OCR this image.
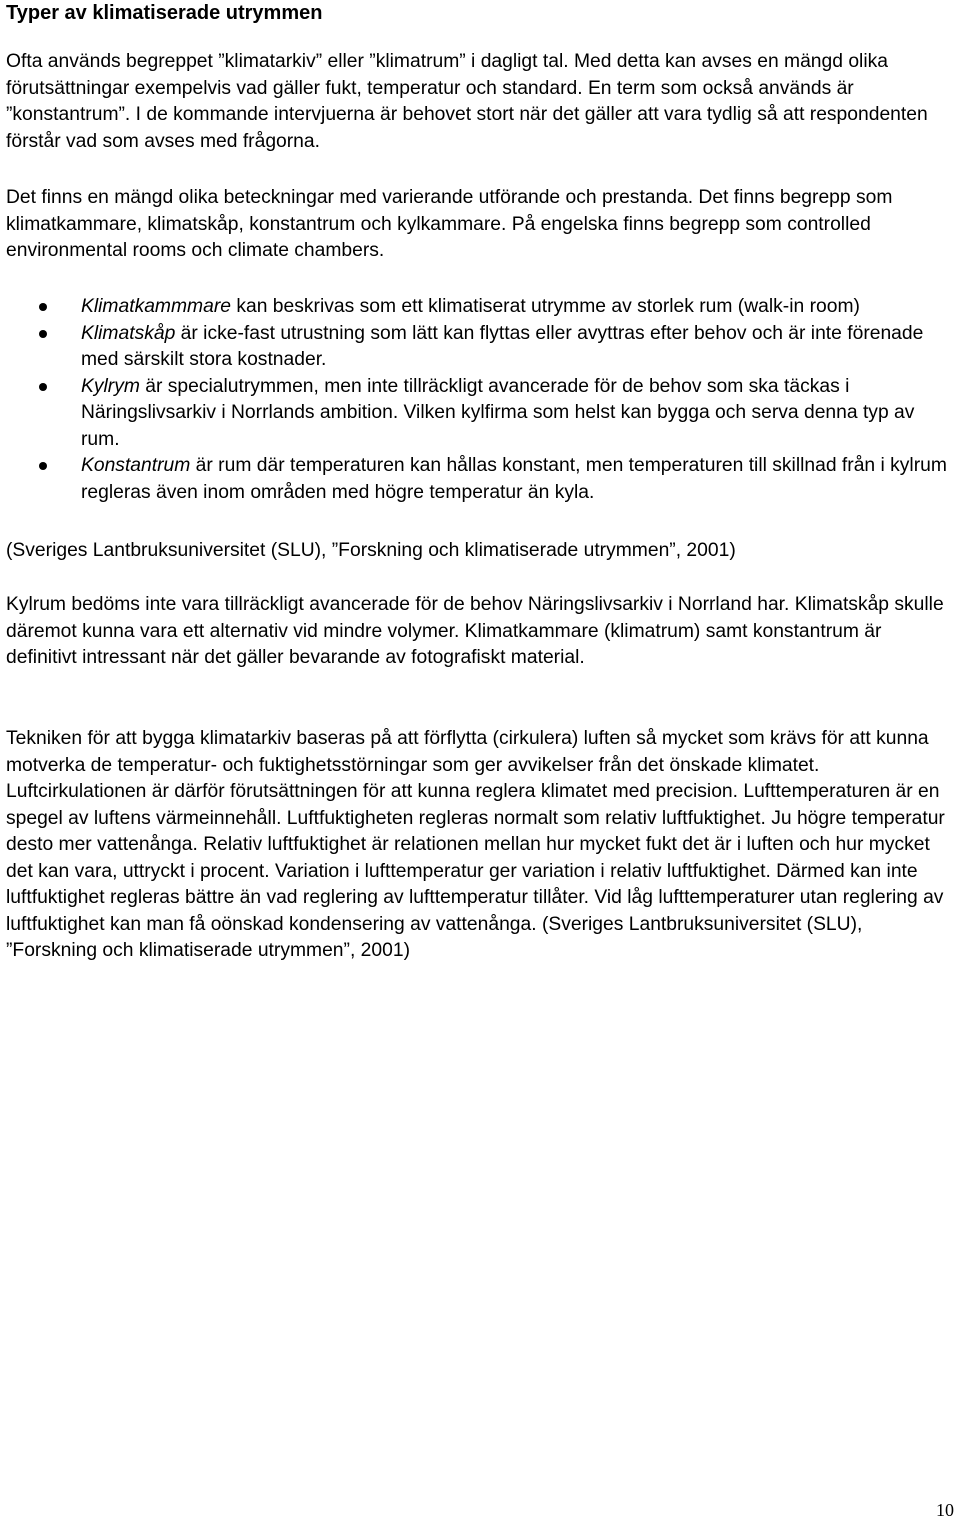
Typer av klimatiserade utrymmen

Ofta används begreppet ”klimatarkiv” eller ”klimatrum” i dagligt tal. Med detta kan avses en mängd olika förutsättningar exempelvis vad gäller fukt, temperatur och standard. En term som också används är ”konstantrum”. I de kommande intervjuerna är behovet stort när det gäller att vara tydlig så att respondenten förstår vad som avses med frågorna.

Det finns en mängd olika beteckningar med varierande utförande och prestanda. Det finns begrepp som klimatkammare, klimatskåp, konstantrum och kylkammare. På engelska finns begrepp som controlled environmental rooms och climate chambers.

Klimatkammmare kan beskrivas som ett klimatiserat utrymme av storlek rum (walk-in room)
Klimatskåp är icke-fast utrustning som lätt kan flyttas eller avyttras efter behov och är inte förenade med särskilt stora kostnader.
Kylrym är specialutrymmen, men inte tillräckligt avancerade för de behov som ska täckas i Näringslivsarkiv i Norrlands ambition. Vilken kylfirma som helst kan bygga och serva denna typ av rum.
Konstantrum är rum där temperaturen kan hållas konstant, men temperaturen till skillnad från i kylrum regleras även inom områden med högre temperatur än kyla.

(Sveriges Lantbruksuniversitet (SLU), ”Forskning och klimatiserade utrymmen”, 2001)

Kylrum bedöms inte vara tillräckligt avancerade för de behov Näringslivsarkiv i Norrland har. Klimatskåp skulle däremot kunna vara ett alternativ vid mindre volymer. Klimatkammare (klimatrum) samt konstantrum är definitivt intressant när det gäller bevarande av fotografiskt material.

Tekniken för att bygga klimatarkiv baseras på att förflytta (cirkulera) luften så mycket som krävs för att kunna motverka de temperatur- och fuktighetsstörningar som ger avvikelser från det önskade klimatet. Luftcirkulationen är därför förutsättningen för att kunna reglera klimatet med precision. Lufttemperaturen är en spegel av luftens värmeinnehåll. Luftfuktigheten regleras normalt som relativ luftfuktighet. Ju högre temperatur desto mer vattenånga. Relativ luftfuktighet är relationen mellan hur mycket fukt det är i luften och hur mycket det kan vara, uttryckt i procent. Variation i lufttemperatur ger variation i relativ luftfuktighet. Därmed kan inte luftfuktighet regleras bättre än vad reglering av lufttemperatur tillåter. Vid låg lufttemperaturer utan reglering av luftfuktighet kan man få oönskad kondensering av vattenånga. (Sveriges Lantbruksuniversitet (SLU), ”Forskning och klimatiserade utrymmen”, 2001)

10
